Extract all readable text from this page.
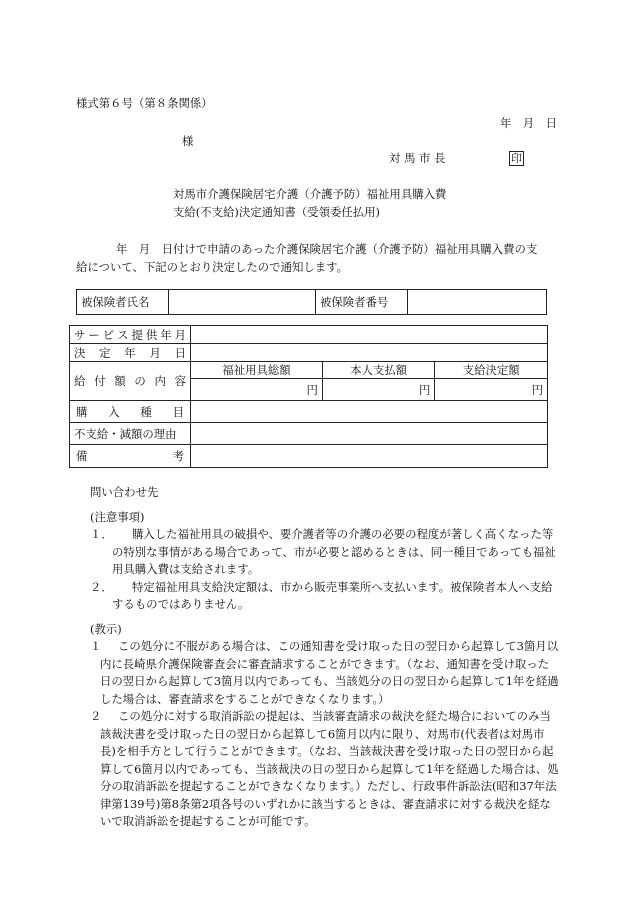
様式第６号（第８条関係）
年　月　日
様
対 馬 市 長	印
対馬市介護保険居宅介護（介護予防）福祉用具購入費
支給(不支給)決定通知書（受領委任払用)
年　月　日付けで申請のあった介護保険居宅介護（介護予防）福祉用具購入費の支
給について、下記のとおり決定したので通知します。
被保険者氏名		被保険者番号	
サービス提供年月			
決定年月日			
給付額の内容	福祉用具総額	本人支払額	支給決定額
	円	円	円
購入種目			
不支給・減額の理由			
備考			
問い合わせ先
(注意事項)
１． 購入した福祉用具の破損や、要介護者等の介護の必要の程度が著しく高くなった等の特別な事情がある場合であって、市が必要と認めるときは、同一種目であっても福祉用具購入費は支給されます。
２． 特定福祉用具支給決定額は、市から販売事業所へ支払います。被保険者本人へ支給するものではありません。
(教示)
１ この処分に不服がある場合は、この通知書を受け取った日の翌日から起算して3箇月以内に長崎県介護保険審査会に審査請求することができます。（なお、通知書を受け取った日の翌日から起算して3箇月以内であっても、当該処分の日の翌日から起算して1年を経過した場合は、審査請求をすることができなくなります。）
２ この処分に対する取消訴訟の提起は、当該審査請求の裁決を経た場合においてのみ当該裁決書を受け取った日の翌日から起算して6箇月以内に限り、対馬市(代表者は対馬市長)を相手方として行うことができます。（なお、当該裁決書を受け取った日の翌日から起算して6箇月以内であっても、当該裁決の日の翌日から起算して1年を経過した場合は、処分の取消訴訟を提起することができなくなります。）ただし、行政事件訴訟法(昭和37年法律第139号)第8条第2項各号のいずれかに該当するときは、審査請求に対する裁決を経ないで取消訴訟を提起することが可能です。
